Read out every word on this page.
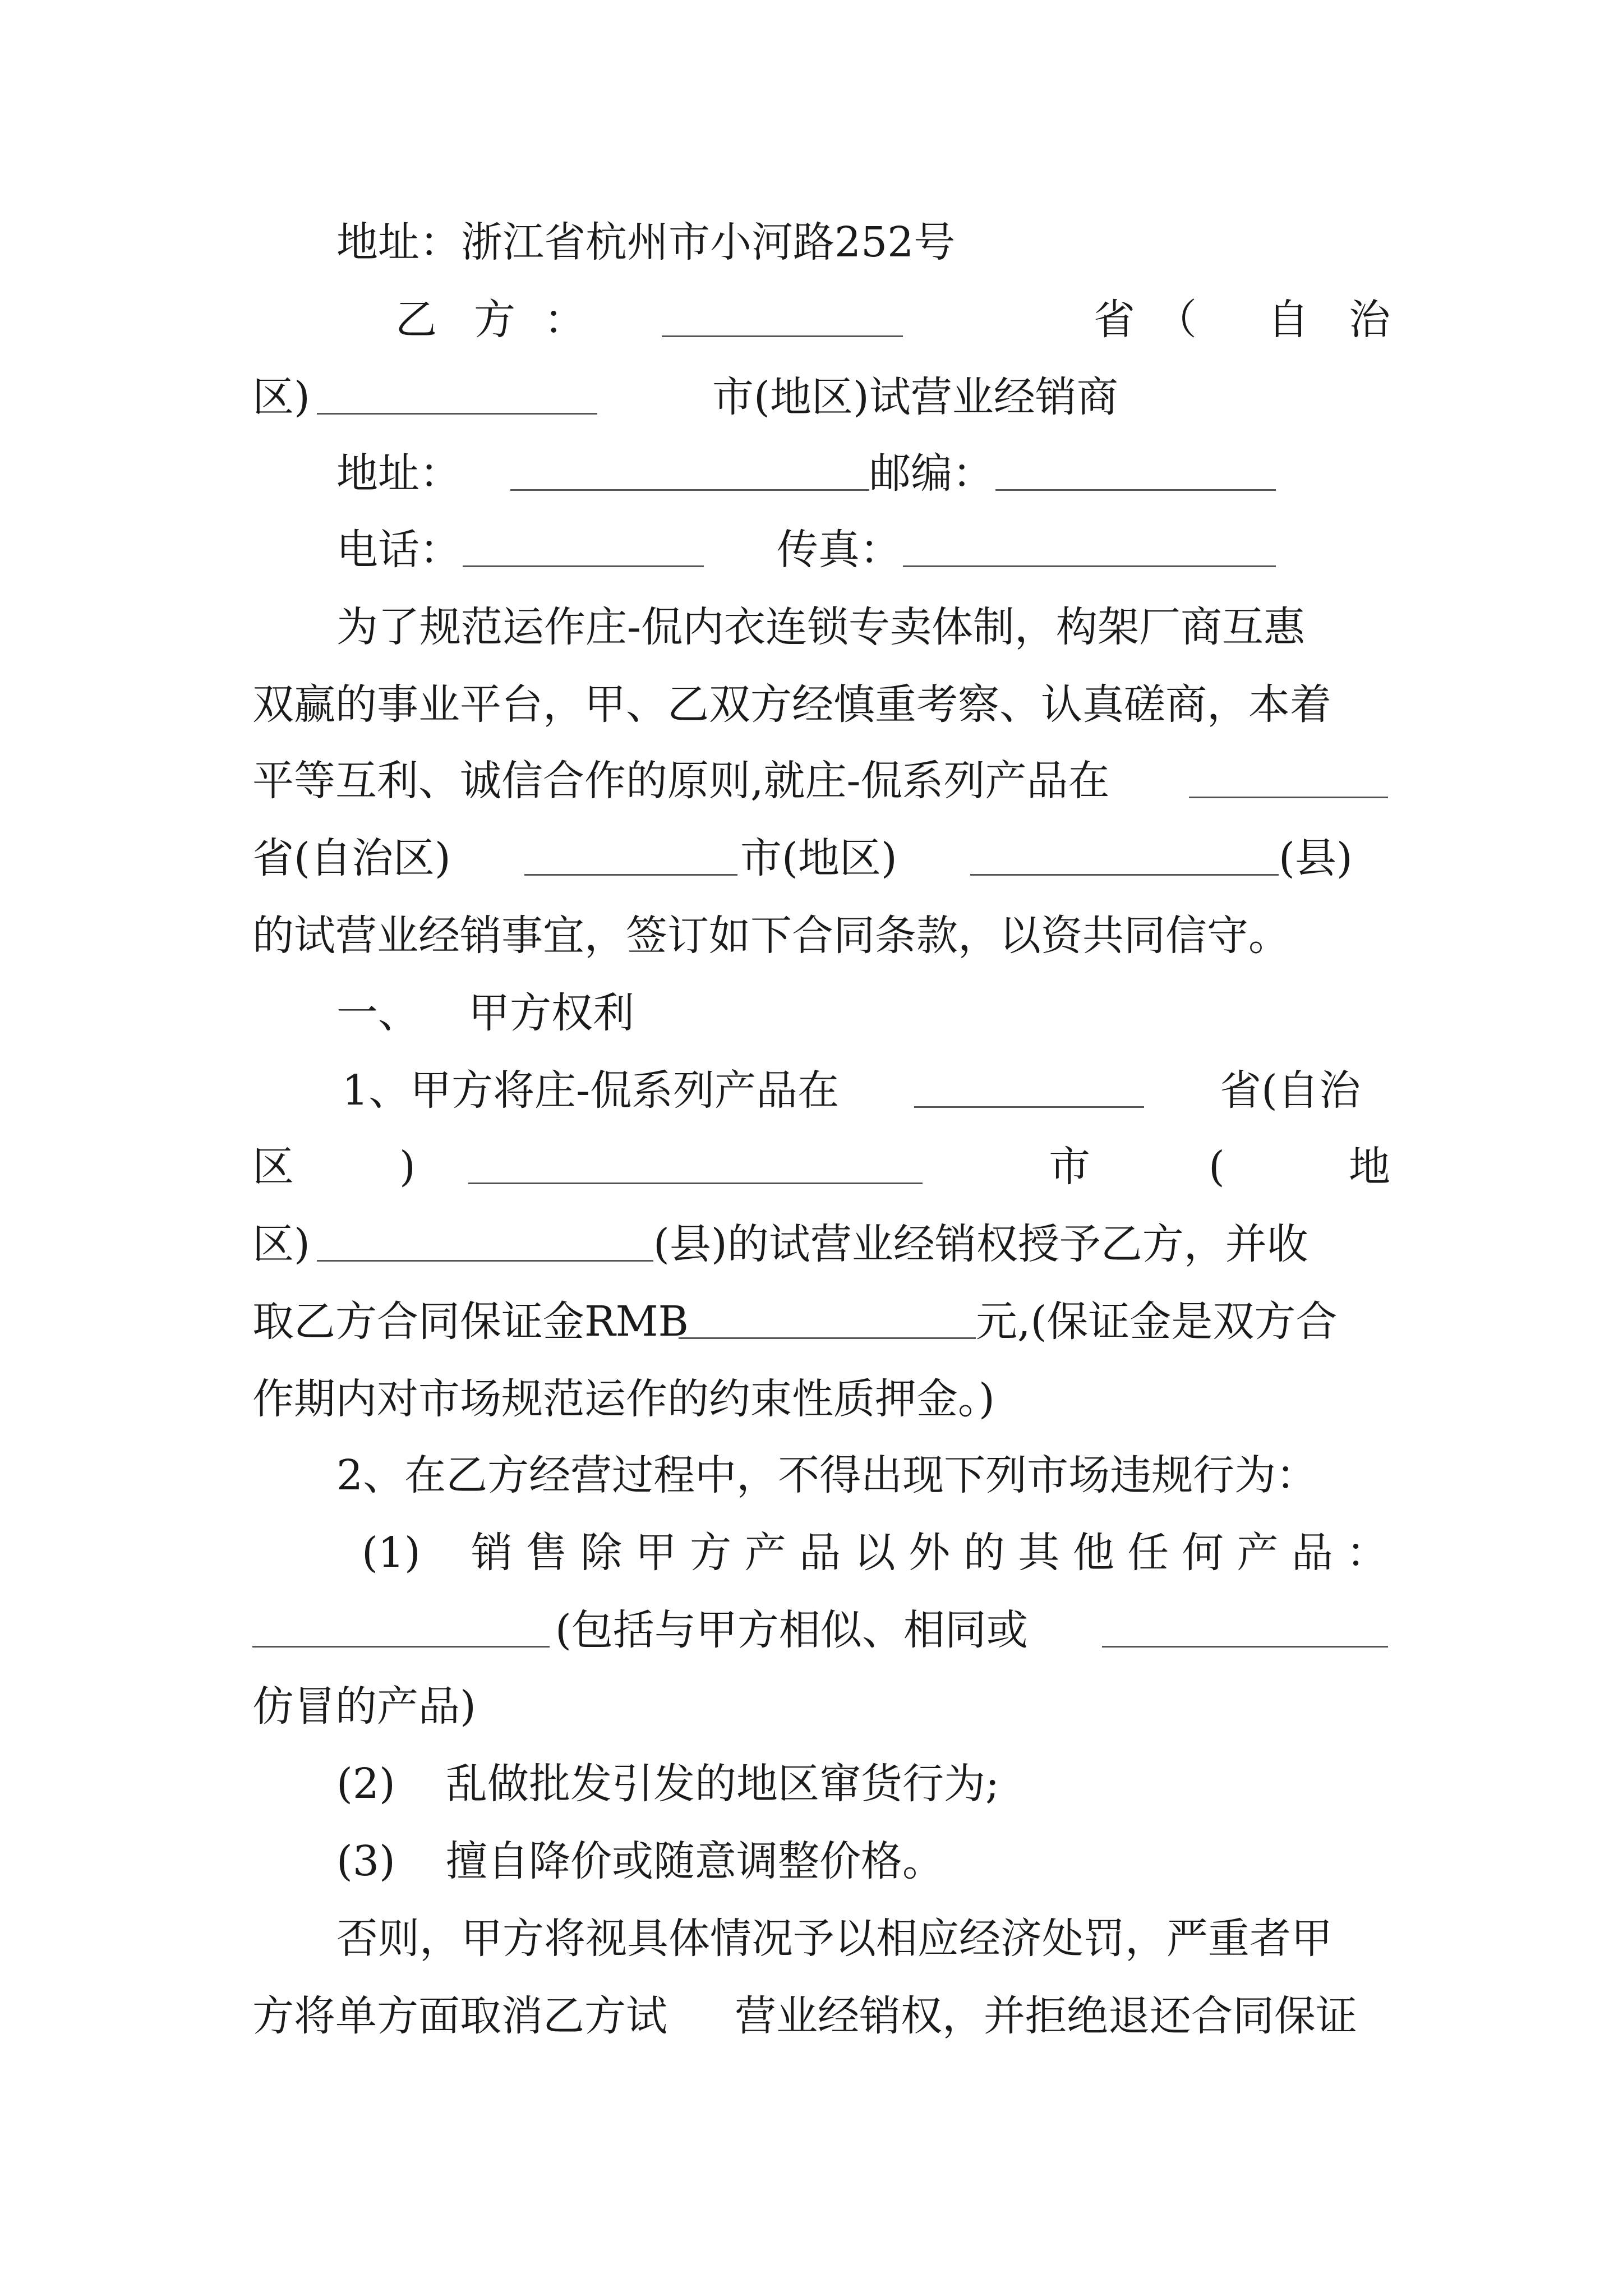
地址：浙江省杭州市小河路252号
乙 方 ：	省 （ 自 治
区)	市(地区)试营业经销商
地址：	邮编：
电话：	传真：
为了规范运作庄-侃内衣连锁专卖体制，构架厂商互惠
双赢的事业平台，甲、乙双方经慎重考察、认真磋商，本着
平等互利、诚信合作的原则,就庄-侃系列产品在
省(自治区)	市(地区)	(县)
的试营业经销事宜，签订如下合同条款，以资共同信守。
一、 甲方权利
1、甲方将庄-侃系列产品在	省(自治
区	)	市	(	地
区)	(县)的试营业经销权授予乙方，并收
取乙方合同保证金RMB	元,(保证金是双方合
作期内对市场规范运作的约束性质押金。)
2、在乙方经营过程中，不得出现下列市场违规行为：
(1) 销 售 除 甲 方 产 品 以 外 的 其 他 任 何 产 品 ：
(包括与甲方相似、相同或
仿冒的产品)
(2) 乱做批发引发的地区窜货行为;
(3) 擅自降价或随意调整价格。
否则，甲方将视具体情况予以相应经济处罚，严重者甲
方将单方面取消乙方试 营业经销权，并拒绝退还合同保证
